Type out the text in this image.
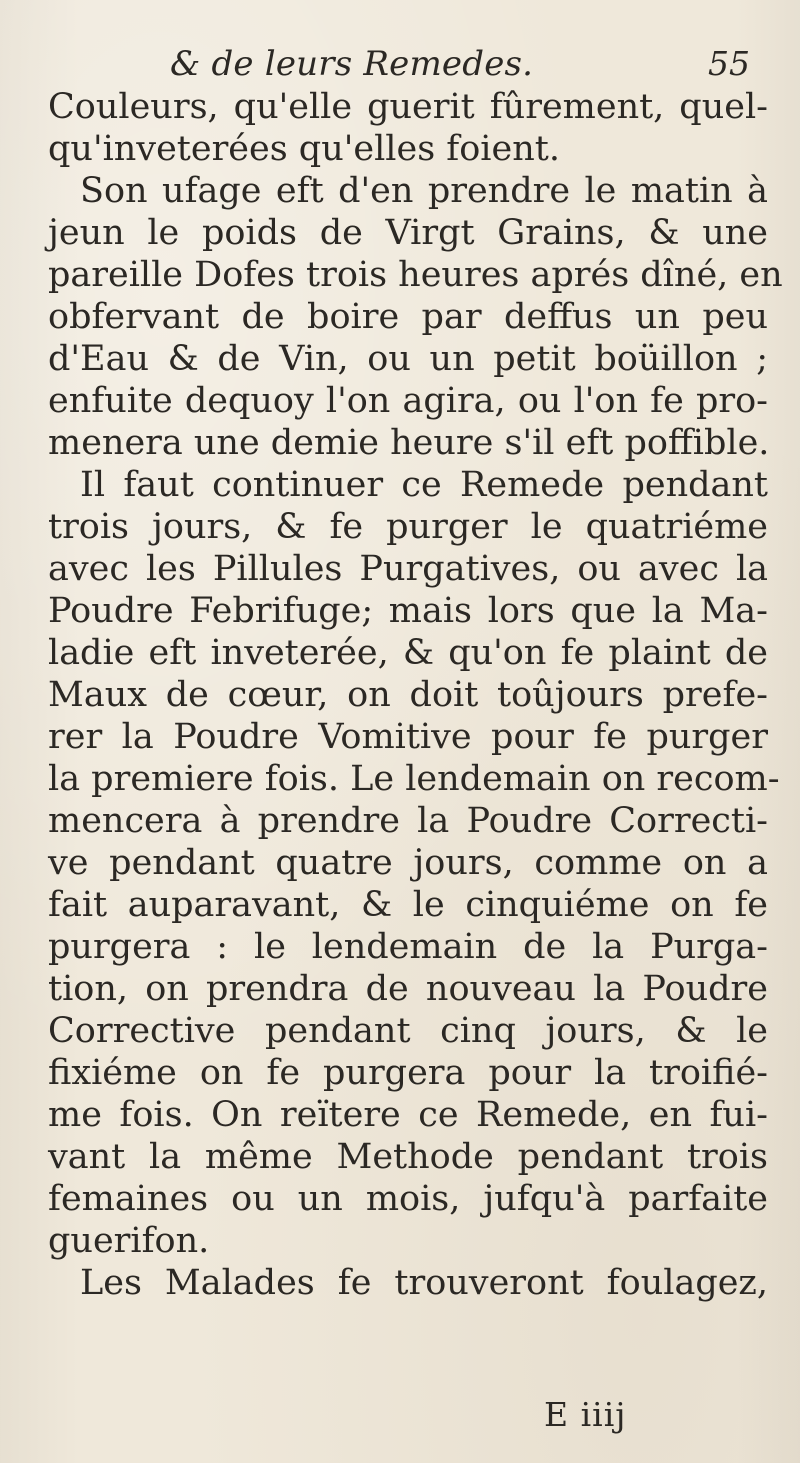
& de leurs Remedes.	55
Couleurs, qu'elle guerit fûrement, quel-
qu'inveterées qu'elles foient.
Son ufage eft d'en prendre le matin à
jeun le poids de Virgt Grains, & une
pareille Dofes trois heures aprés dîné, en
obfervant de boire par deffus un peu
d'Eau & de Vin, ou un petit boüillon ;
enfuite dequoy l'on agira, ou l'on fe pro-
menera une demie heure s'il eft poffible.
Il faut continuer ce Remede pendant
trois jours, & fe purger le quatriéme
avec les Pillules Purgatives, ou avec la
Poudre Febrifuge; mais lors que la Ma-
ladie eft inveterée, & qu'on fe plaint de
Maux de cœur, on doit toûjours prefe-
rer la Poudre Vomitive pour fe purger
la premiere fois. Le lendemain on recom-
mencera à prendre la Poudre Correcti-
ve pendant quatre jours, comme on a
fait auparavant, & le cinquiéme on fe
purgera : le lendemain de la Purga-
tion, on prendra de nouveau la Poudre
Corrective pendant cinq jours, & le
fixiéme on fe purgera pour la troifié-
me fois. On reïtere ce Remede, en fui-
vant la même Methode pendant trois
femaines ou un mois, jufqu'à parfaite
guerifon.
Les Malades fe trouveront foulagez,
E iiij
